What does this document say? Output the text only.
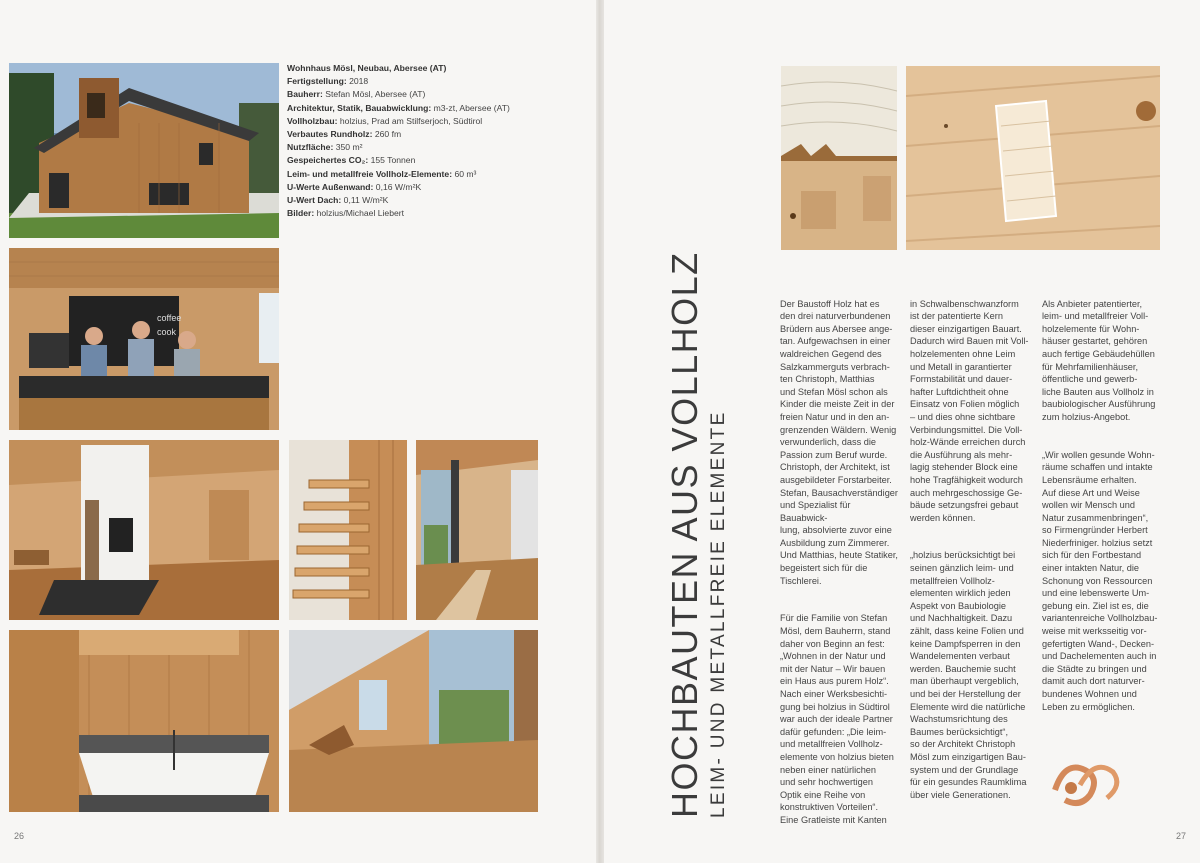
Wohnhaus Mösl, Neubau, Abersee (AT)
Fertigstellung: 2018
Bauherr: Stefan Mösl, Abersee (AT)
Architektur, Statik, Bauabwicklung: m3-zt, Abersee (AT)
Vollholzbau: holzius, Prad am Stilfserjoch, Südtirol
Verbautes Rundholz: 260 fm
Nutzfläche: 350 m²
Gespeichertes CO₂: 155 Tonnen
Leim- und metallfreie Vollholz-Elemente: 60 m³
U-Werte Außenwand: 0,16 W/m²K
U-Wert Dach: 0,11 W/m²K
Bilder: holzius/Michael Liebert
coffee
cook
26
HOCHBAUTEN AUS VOLLHOLZ LEIM- UND METALLFREIE ELEMENTE

Der Baustoff Holz hat es
den drei naturverbundenen
Brüdern aus Abersee ange-
tan. Aufgewachsen in einer
waldreichen Gegend des
Salzkammerguts verbrach-
ten Christoph, Matthias
und Stefan Mösl schon als
Kinder die meiste Zeit in der
freien Natur und in den an-
grenzenden Wäldern. Wenig
verwunderlich, dass die
Passion zum Beruf wurde.
Christoph, der Architekt, ist
ausgebildeter Forstarbeiter.
Stefan, Bausachverständiger
und Spezialist für Bauabwick-
lung, absolvierte zuvor eine
Ausbildung zum Zimmerer.
Und Matthias, heute Statiker,
begeistert sich für die
Tischlerei.

Für die Familie von Stefan
Mösl, dem Bauherrn, stand
daher von Beginn an fest:
„Wohnen in der Natur und
mit der Natur – Wir bauen
ein Haus aus purem Holz“.
Nach einer Werksbesichti-
gung bei holzius in Südtirol
war auch der ideale Partner
dafür gefunden: „Die leim-
und metallfreien Vollholz-
elemente von holzius bieten
neben einer natürlichen
und sehr hochwertigen
Optik eine Reihe von
konstruktiven Vorteilen“.
Eine Gratleiste mit Kanten

in Schwalbenschwanzform
ist der patentierte Kern
dieser einzigartigen Bauart.
Dadurch wird Bauen mit Voll-
holzelementen ohne Leim
und Metall in garantierter
Formstabilität und dauer-
hafter Luftdichtheit ohne
Einsatz von Folien möglich
– und dies ohne sichtbare
Verbindungsmittel. Die Voll-
holz-Wände erreichen durch
die Ausführung als mehr-
lagig stehender Block eine
hohe Tragfähigkeit wodurch
auch mehrgeschossige Ge-
bäude setzungsfrei gebaut
werden können.

„holzius berücksichtigt bei
seinen gänzlich leim- und
metallfreien Vollholz-
elementen wirklich jeden
Aspekt von Baubiologie
und Nachhaltigkeit. Dazu
zählt, dass keine Folien und
keine Dampfsperren in den
Wandelementen verbaut
werden. Bauchemie sucht
man überhaupt vergeblich,
und bei der Herstellung der
Elemente wird die natürliche
Wachstumsrichtung des
Baumes berücksichtigt“,
so der Architekt Christoph
Mösl zum einzigartigen Bau-
system und der Grundlage
für ein gesundes Raumklima
über viele Generationen.

Als Anbieter patentierter,
leim- und metallfreier Voll-
holzelemente für Wohn-
häuser gestartet, gehören
auch fertige Gebäudehüllen
für Mehrfamilienhäuser,
öffentliche und gewerb-
liche Bauten aus Vollholz in
baubiologischer Ausführung
zum holzius-Angebot.

„Wir wollen gesunde Wohn-
räume schaffen und intakte
Lebensräume erhalten.
Auf diese Art und Weise
wollen wir Mensch und
Natur zusammenbringen“,
so Firmengründer Herbert
Niederfriniger. holzius setzt
sich für den Fortbestand
einer intakten Natur, die
Schonung von Ressourcen
und eine lebenswerte Um-
gebung ein. Ziel ist es, die
variantenreiche Vollholzbau-
weise mit werksseitig vor-
gefertigten Wand-, Decken-
und Dachelementen auch in
die Städte zu bringen und
damit auch dort naturver-
bundenes Wohnen und
Leben zu ermöglichen.

27
